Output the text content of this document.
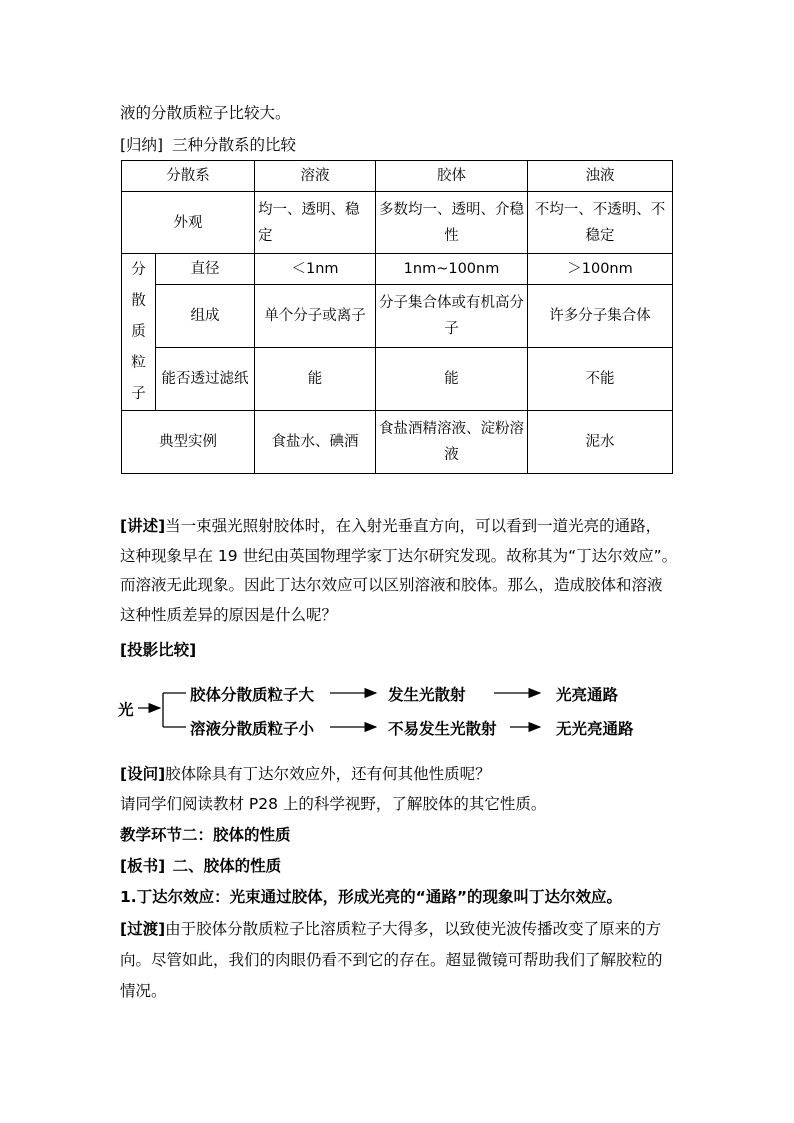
液的分散质粒子比较大。
[归纳] 三种分散系的比较
分散系		溶液	胶体	浊液
外观		均一、透明、稳定	多数均一、透明、介稳性	不均一、不透明、不稳定
分散质粒子	直径	＜1nm	1nm~100nm	＞100nm
	组成	单个分子或离子	分子集合体或有机高分子	许多分子集合体
	能否透过滤纸	能	能	不能
典型实例		食盐水、碘酒	食盐酒精溶液、淀粉溶液	泥水
[讲述]当一束强光照射胶体时，在入射光垂直方向，可以看到一道光亮的通路，
这种现象早在 19 世纪由英国物理学家丁达尔研究发现。故称其为“丁达尔效应”。
而溶液无此现象。因此丁达尔效应可以区别溶液和胶体。那么，造成胶体和溶液
这种性质差异的原因是什么呢？
[投影比较]
光
胶体分散质粒子大	发生光散射	光亮通路
溶液分散质粒子小	不易发生光散射	无光亮通路
[设问]胶体除具有丁达尔效应外，还有何其他性质呢？
请同学们阅读教材 P28 上的科学视野，了解胶体的其它性质。
教学环节二：胶体的性质
[板书] 二、胶体的性质
1.丁达尔效应：光束通过胶体，形成光亮的“通路”的现象叫丁达尔效应。
[过渡]由于胶体分散质粒子比溶质粒子大得多，以致使光波传播改变了原来的方
向。尽管如此，我们的肉眼仍看不到它的存在。超显微镜可帮助我们了解胶粒的
情况。
